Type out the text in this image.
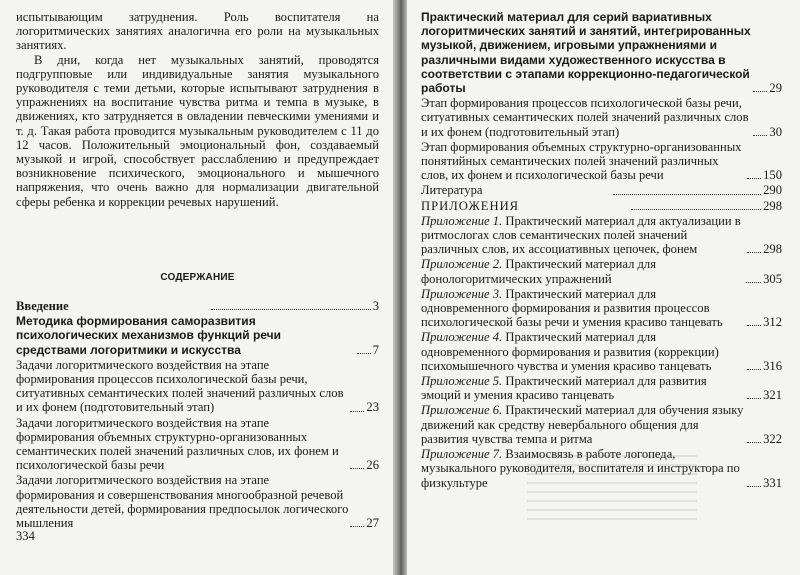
испытывающим затруднения. Роль воспитателя на логоритмических занятиях аналогична его роли на музыкальных занятиях.

В дни, когда нет музыкальных занятий, проводятся подгрупповые или индивидуальные занятия музыкального руководителя с теми детьми, которые испытывают затруднения в упражнениях на воспитание чувства ритма и темпа в музыке, в движениях, кто затрудняется в овладении певческими умениями и т. д. Такая работа проводится музыкальным руководителем с 11 до 12 часов. Положительный эмоциональный фон, создаваемый музыкой и игрой, способствует расслаблению и предупреждает возникновение психического, эмоционального и мышечного напряжения, что очень важно для нормализации двигательной сферы ребенка и коррекции речевых нарушений.

СОДЕРЖАНИЕ
Введение	3
Методика формирования саморазвития психологических механизмов функций речи средствами логоритмики и искусства	7
Задачи логоритмического воздействия на этапе формирования процессов психологической базы речи, ситуативных семантических полей значений различных слов и их фонем (подготовительный этап)	23
Задачи логоритмического воздействия на этапе формирования объемных структурно-организованных семантических полей значений различных слов, их фонем и психологической базы речи	26
Задачи логоритмического воздействия на этапе формирования и совершенствования многообразной речевой деятельности детей, формирования предпосылок логического мышления	27
334
Практический материал для серий вариативных логоритмических занятий и занятий, интегрированных музыкой, движением, игровыми упражнениями и различными видами художественного искусства в соответствии с этапами коррекционно-педагогической работы	29
Этап формирования процессов психологической базы речи, ситуативных семантических полей значений различных слов и их фонем (подготовительный этап)	30
Этап формирования объемных структурно-организованных понятийных семантических полей значений различных слов, их фонем и психологической базы речи	150
Литература	290
ПРИЛОЖЕНИЯ	298
Приложение 1. Практический материал для актуализации в ритмослогах слов семантических полей значений различных слов, их ассоциативных цепочек, фонем	298
Приложение 2. Практический материал для фонологоритмических упражнений	305
Приложение 3. Практический материал для одновременного формирования и развития процессов психологической базы речи и умения красиво танцевать	312
Приложение 4. Практический материал для одновременного формирования и развития (коррекции) психомышечного чувства и умения красиво танцевать	316
Приложение 5. Практический материал для развития эмоций и умения красиво танцевать	321
Приложение 6. Практический материал для обучения языку движений как средству невербального общения для развития чувства темпа и ритма	322
Приложение 7. Взаимосвязь в работе логопеда, музыкального руководителя, воспитателя и инструктора по физкультуре	331
